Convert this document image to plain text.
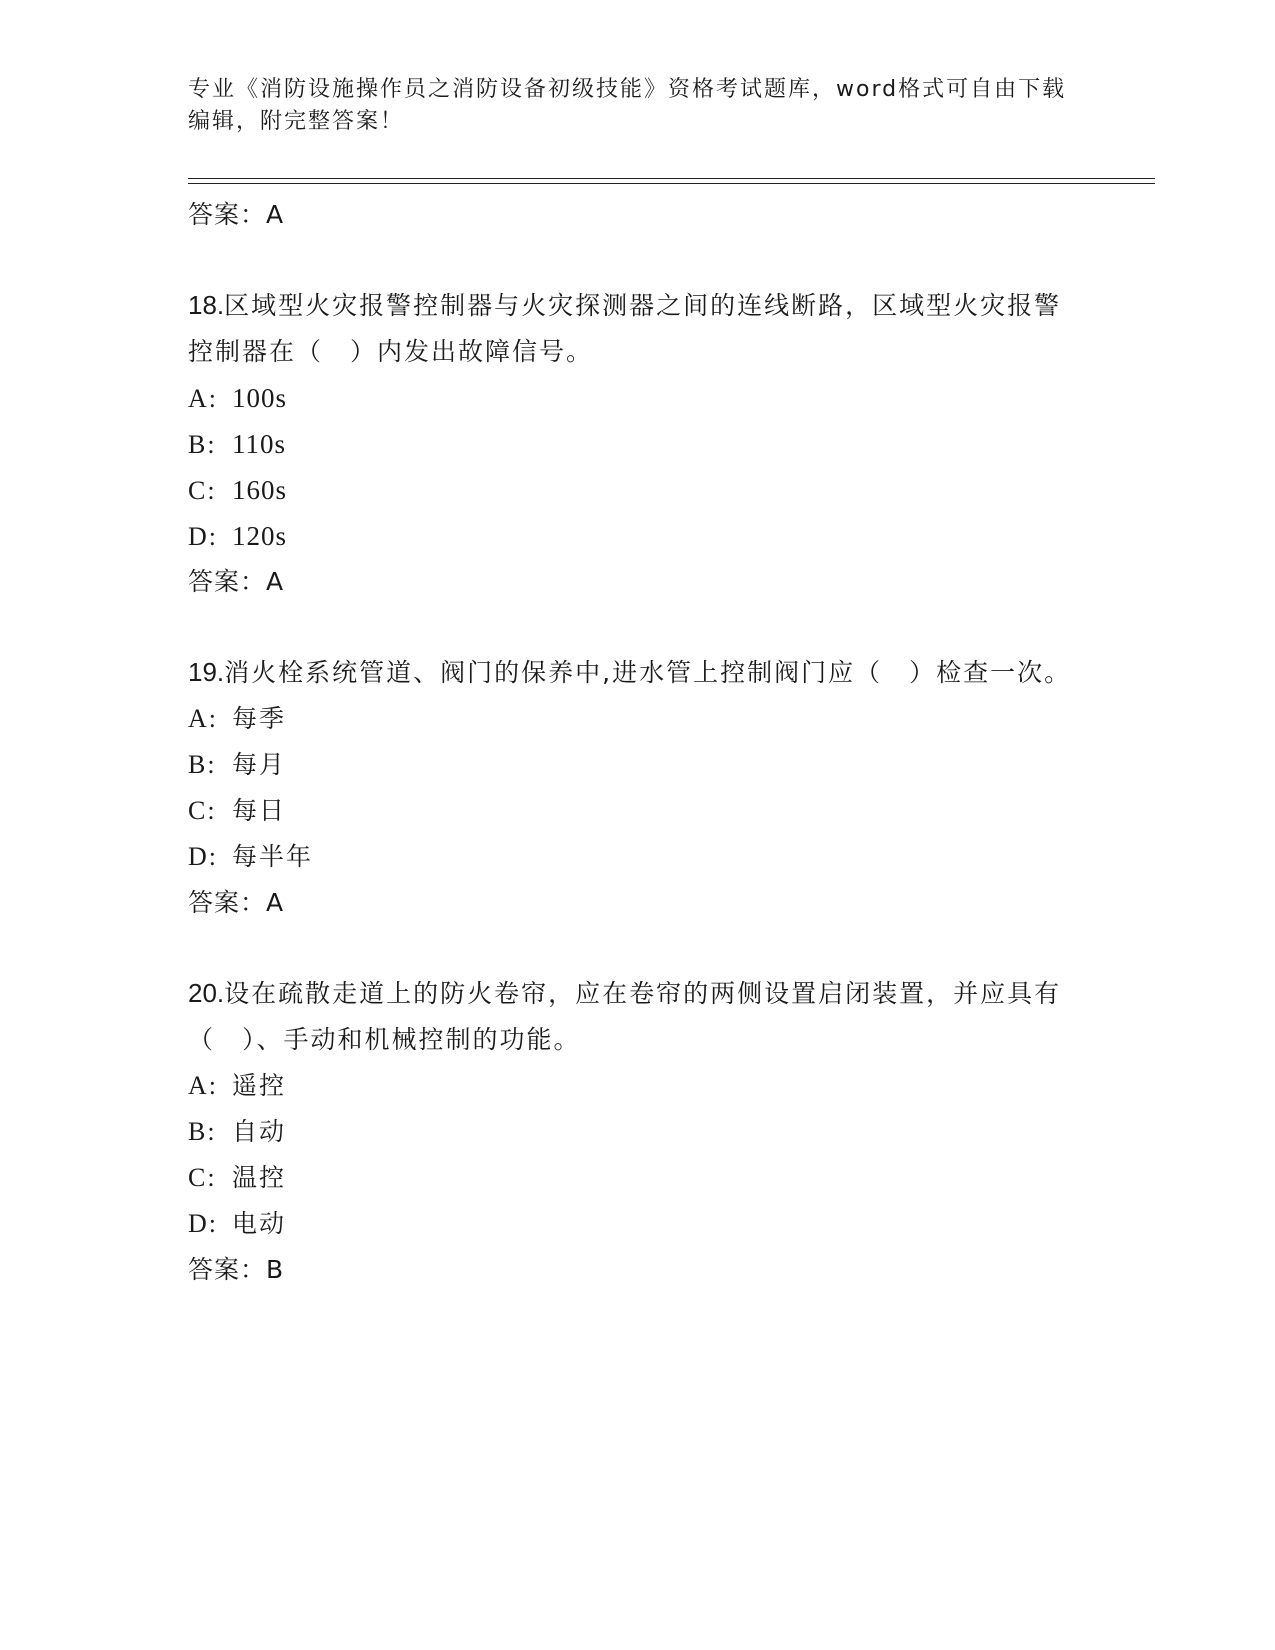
专业《消防设施操作员之消防设备初级技能》资格考试题库，word格式可自由下载编辑，附完整答案！
答案：A
18.区域型火灾报警控制器与火灾探测器之间的连线断路，区域型火灾报警控制器在（　）内发出故障信号。
A: 100s
B: 110s
C: 160s
D: 120s
答案：A
19.消火栓系统管道、阀门的保养中,进水管上控制阀门应（　）检查一次。
A: 每季
B: 每月
C: 每日
D: 每半年
答案：A
20.设在疏散走道上的防火卷帘，应在卷帘的两侧设置启闭装置，并应具有（　）、手动和机械控制的功能。
A: 遥控
B: 自动
C: 温控
D: 电动
答案：B
